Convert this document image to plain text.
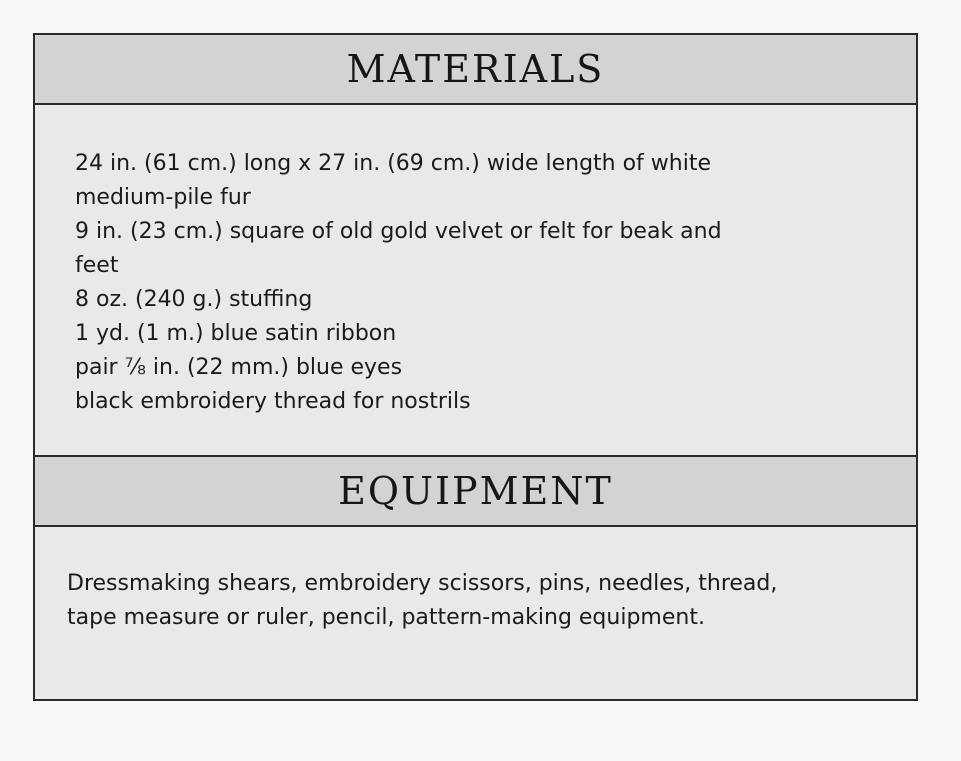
MATERIALS
24 in. (61 cm.) long x 27 in. (69 cm.) wide length of white
medium-pile fur
9 in. (23 cm.) square of old gold velvet or felt for beak and
feet
8 oz. (240 g.) stuffing
1 yd. (1 m.) blue satin ribbon
pair ⅞ in. (22 mm.) blue eyes
black embroidery thread for nostrils
EQUIPMENT
Dressmaking shears, embroidery scissors, pins, needles, thread, tape measure or ruler, pencil, pattern-making equipment.
